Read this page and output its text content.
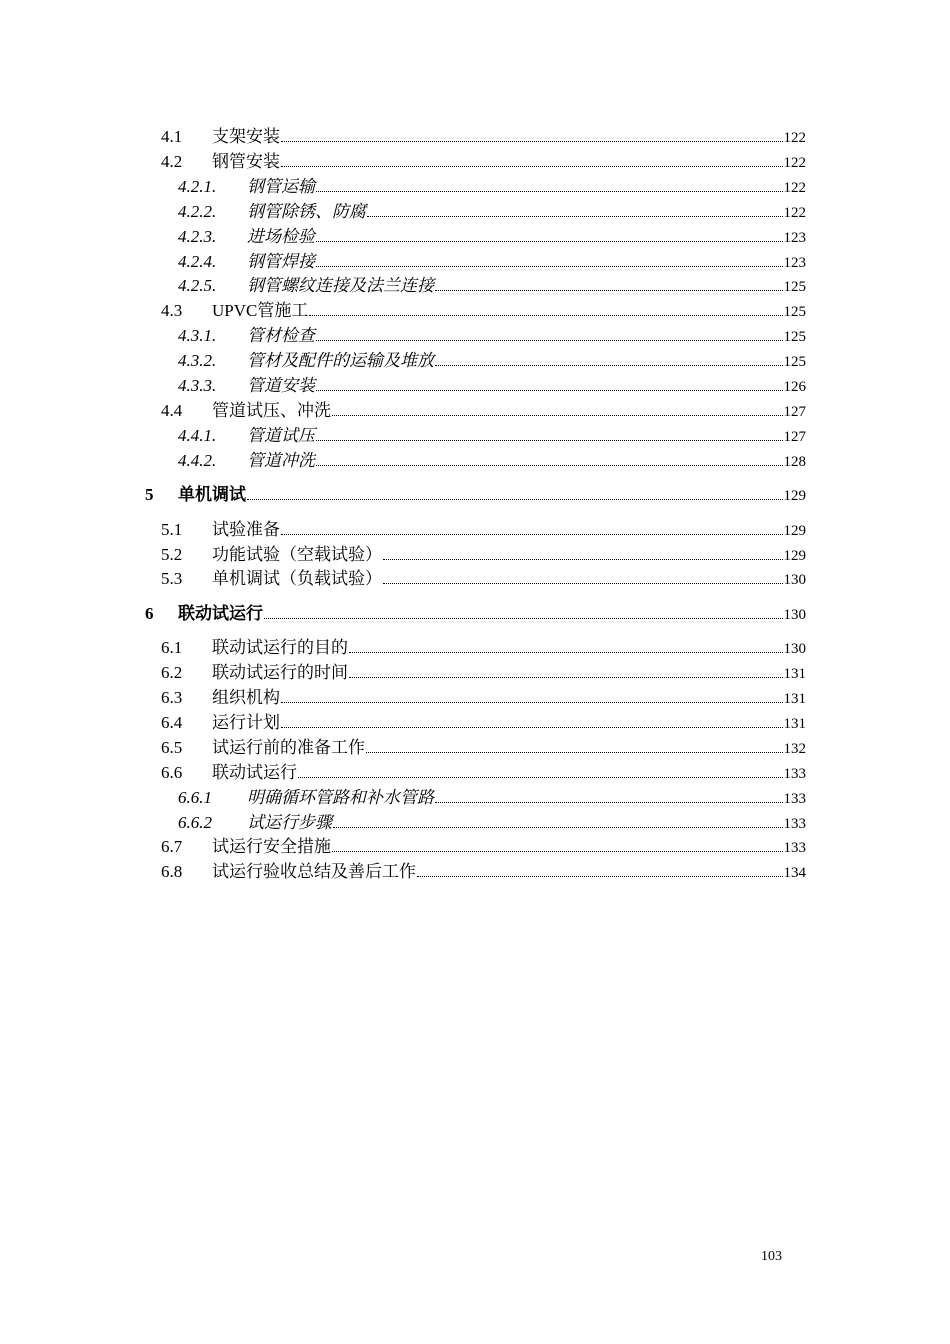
4.1	支架安装	122
4.2	钢管安装	122
4.2.1.	钢管运输	122
4.2.2.	钢管除锈、防腐	122
4.2.3.	进场检验	123
4.2.4.	钢管焊接	123
4.2.5.	钢管螺纹连接及法兰连接	125
4.3	UPVC管施工	125
4.3.1.	管材检查	125
4.3.2.	管材及配件的运输及堆放	125
4.3.3.	管道安装	126
4.4	管道试压、冲洗	127
4.4.1.	管道试压	127
4.4.2.	管道冲洗	128
5	单机调试	129
5.1	试验准备	129
5.2	功能试验（空载试验）	129
5.3	单机调试（负载试验）	130
6	联动试运行	130
6.1	联动试运行的目的	130
6.2	联动试运行的时间	131
6.3	组织机构	131
6.4	运行计划	131
6.5	试运行前的准备工作	132
6.6	联动试运行	133
6.6.1	明确循环管路和补水管路	133
6.6.2	试运行步骤	133
6.7	试运行安全措施	133
6.8	试运行验收总结及善后工作	134
103
